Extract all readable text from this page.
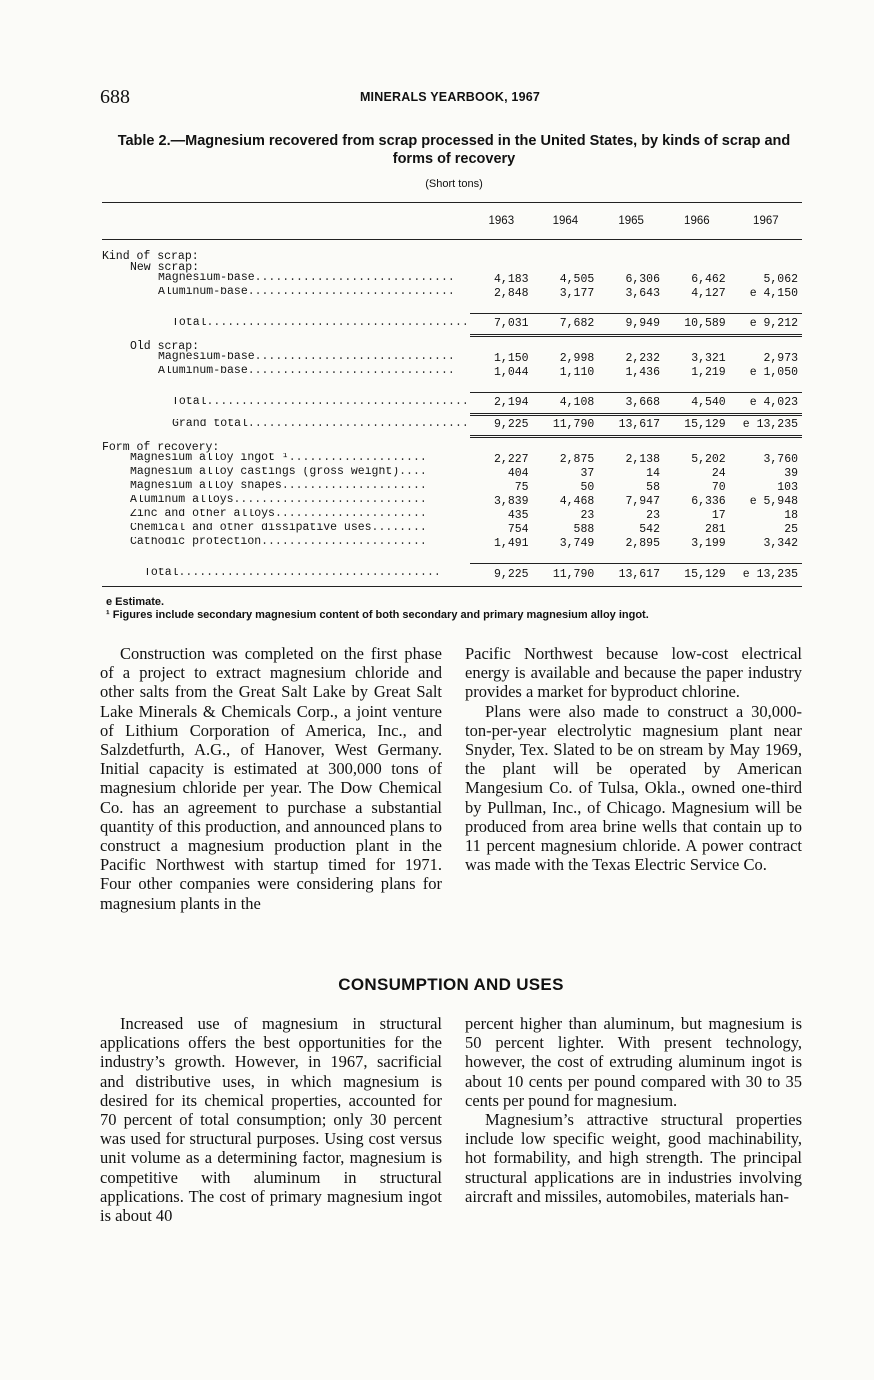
688	MINERALS YEARBOOK, 1967
Table 2.—Magnesium recovered from scrap processed in the United States, by kinds of scrap and forms of recovery
(Short tons)
	1963	1964	1965	1966	1967

Kind of scrap:					
New scrap:					
Magnesium-base .....	4,183	4,505	6,306	6,462	5,062
Aluminum-base .....	2,848	3,177	3,643	4,127	e 4,150

Total .....	7,031	7,682	9,949	10,589	e 9,212
Old scrap:					
Magnesium-base .....	1,150	2,998	2,232	3,321	2,973
Aluminum-base .....	1,044	1,110	1,436	1,219	e 1,050

Total .....	2,194	4,108	3,668	4,540	e 4,023
Grand total .....	9,225	11,790	13,617	15,129	e 13,235
Form of recovery:					
Magnesium alloy ingot ¹ .....	2,227	2,875	2,138	5,202	3,760
Magnesium alloy castings (gross weight) .....	404	37	14	24	39
Magnesium alloy shapes .....	75	50	58	70	103
Aluminum alloys .....	3,839	4,468	7,947	6,336	e 5,948
Zinc and other alloys .....	435	23	23	17	18
Chemical and other dissipative uses .....	754	588	542	281	25
Cathodic protection .....	1,491	3,749	2,895	3,199	3,342

Total .....	9,225	11,790	13,617	15,129	e 13,235
e Estimate.
¹ Figures include secondary magnesium content of both secondary and primary magnesium alloy ingot.

Construction was completed on the first phase of a project to extract magnesium chloride and other salts from the Great Salt Lake by Great Salt Lake Minerals & Chemicals Corp., a joint venture of Lithium Corporation of America, Inc., and Salzdetfurth, A.G., of Hanover, West Germany. Initial capacity is estimated at 300,000 tons of magnesium chloride per year. The Dow Chemical Co. has an agreement to purchase a substantial quantity of this production, and announced plans to construct a magnesium production plant in the Pacific Northwest with startup timed for 1971. Four other companies were considering plans for magnesium plants in the

Pacific Northwest because low-cost electrical energy is available and because the paper industry provides a market for byproduct chlorine.

Plans were also made to construct a 30,000-ton-per-year electrolytic magnesium plant near Snyder, Tex. Slated to be on stream by May 1969, the plant will be operated by American Mangesium Co. of Tulsa, Okla., owned one-third by Pullman, Inc., of Chicago. Magnesium will be produced from area brine wells that contain up to 11 percent magnesium chloride. A power contract was made with the Texas Electric Service Co.

CONSUMPTION AND USES

Increased use of magnesium in structural applications offers the best opportunities for the industry’s growth. However, in 1967, sacrificial and distributive uses, in which magnesium is desired for its chemical properties, accounted for 70 percent of total consumption; only 30 percent was used for structural purposes. Using cost versus unit volume as a determining factor, magnesium is competitive with aluminum in structural applications. The cost of primary magnesium ingot is about 40

percent higher than aluminum, but magnesium is 50 percent lighter. With present technology, however, the cost of extruding aluminum ingot is about 10 cents per pound compared with 30 to 35 cents per pound for magnesium.

Magnesium’s attractive structural properties include low specific weight, good machinability, hot formability, and high strength. The principal structural applications are in industries involving aircraft and missiles, automobiles, materials han-
